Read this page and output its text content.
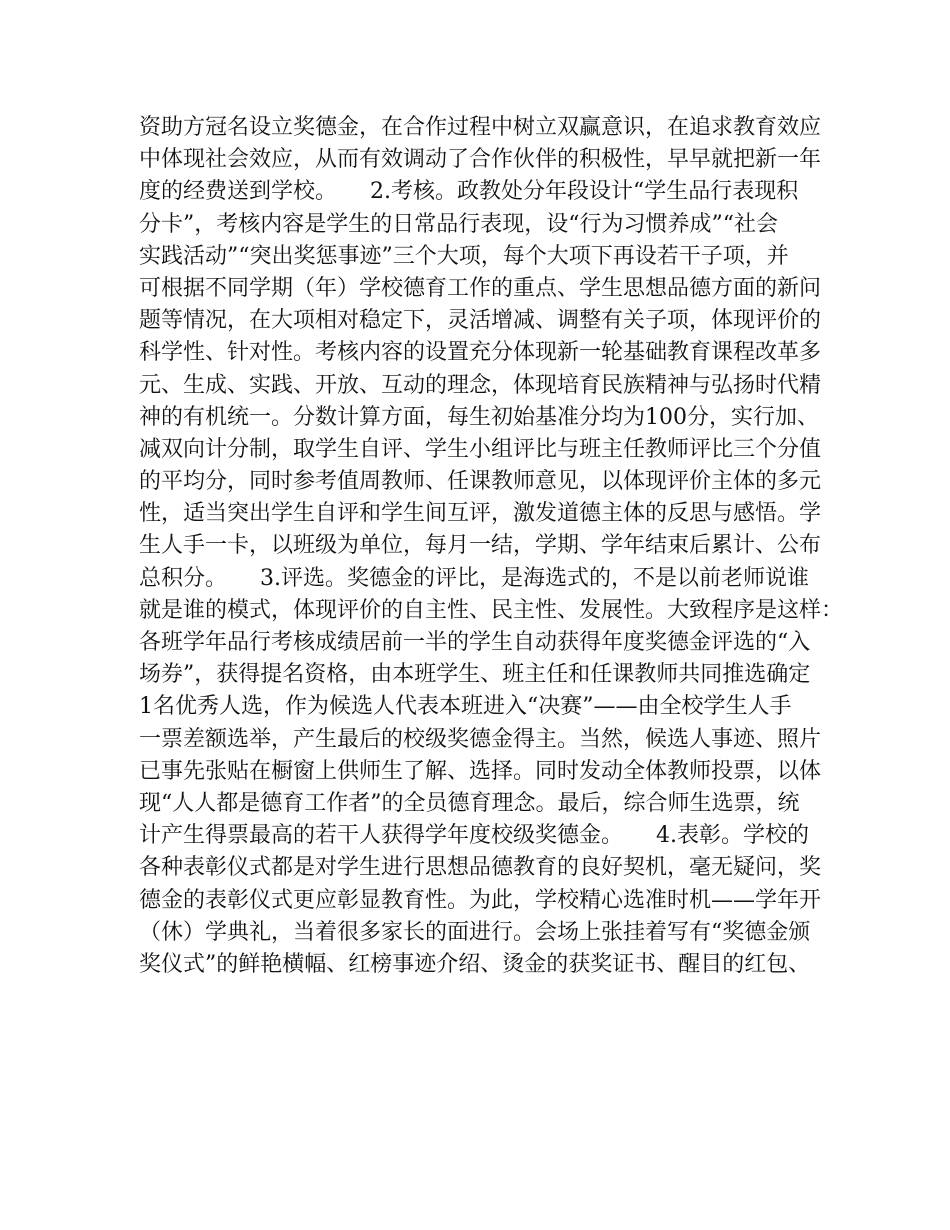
资助方冠名设立奖德金，在合作过程中树立双赢意识，在追求教育效应
中体现社会效应，从而有效调动了合作伙伴的积极性，早早就把新一年
度的经费送到学校。　　2.考核。政教处分年段设计“学生品行表现积
分卡”，考核内容是学生的日常品行表现，设“行为习惯养成”“社会
实践活动”“突出奖惩事迹”三个大项，每个大项下再设若干子项，并
可根据不同学期（年）学校德育工作的重点、学生思想品德方面的新问
题等情况，在大项相对稳定下，灵活增减、调整有关子项，体现评价的
科学性、针对性。考核内容的设置充分体现新一轮基础教育课程改革多
元、生成、实践、开放、互动的理念，体现培育民族精神与弘扬时代精
神的有机统一。分数计算方面，每生初始基准分均为100分，实行加、
减双向计分制，取学生自评、学生小组评比与班主任教师评比三个分值
的平均分，同时参考值周教师、任课教师意见，以体现评价主体的多元
性，适当突出学生自评和学生间互评，激发道德主体的反思与感悟。学
生人手一卡，以班级为单位，每月一结，学期、学年结束后累计、公布
总积分。　　3.评选。奖德金的评比，是海选式的，不是以前老师说谁
就是谁的模式，体现评价的自主性、民主性、发展性。大致程序是这样：
各班学年品行考核成绩居前一半的学生自动获得年度奖德金评选的“入
场券”，获得提名资格，由本班学生、班主任和任课教师共同推选确定
1名优秀人选，作为候选人代表本班进入“决赛”——由全校学生人手
一票差额选举，产生最后的校级奖德金得主。当然，候选人事迹、照片
已事先张贴在橱窗上供师生了解、选择。同时发动全体教师投票，以体
现“人人都是德育工作者”的全员德育理念。最后，综合师生选票，统
计产生得票最高的若干人获得学年度校级奖德金。　　4.表彰。学校的
各种表彰仪式都是对学生进行思想品德教育的良好契机，毫无疑问，奖
德金的表彰仪式更应彰显教育性。为此，学校精心选准时机——学年开
（休）学典礼，当着很多家长的面进行。会场上张挂着写有“奖德金颁
奖仪式”的鲜艳横幅、红榜事迹介绍、烫金的获奖证书、醒目的红包、
